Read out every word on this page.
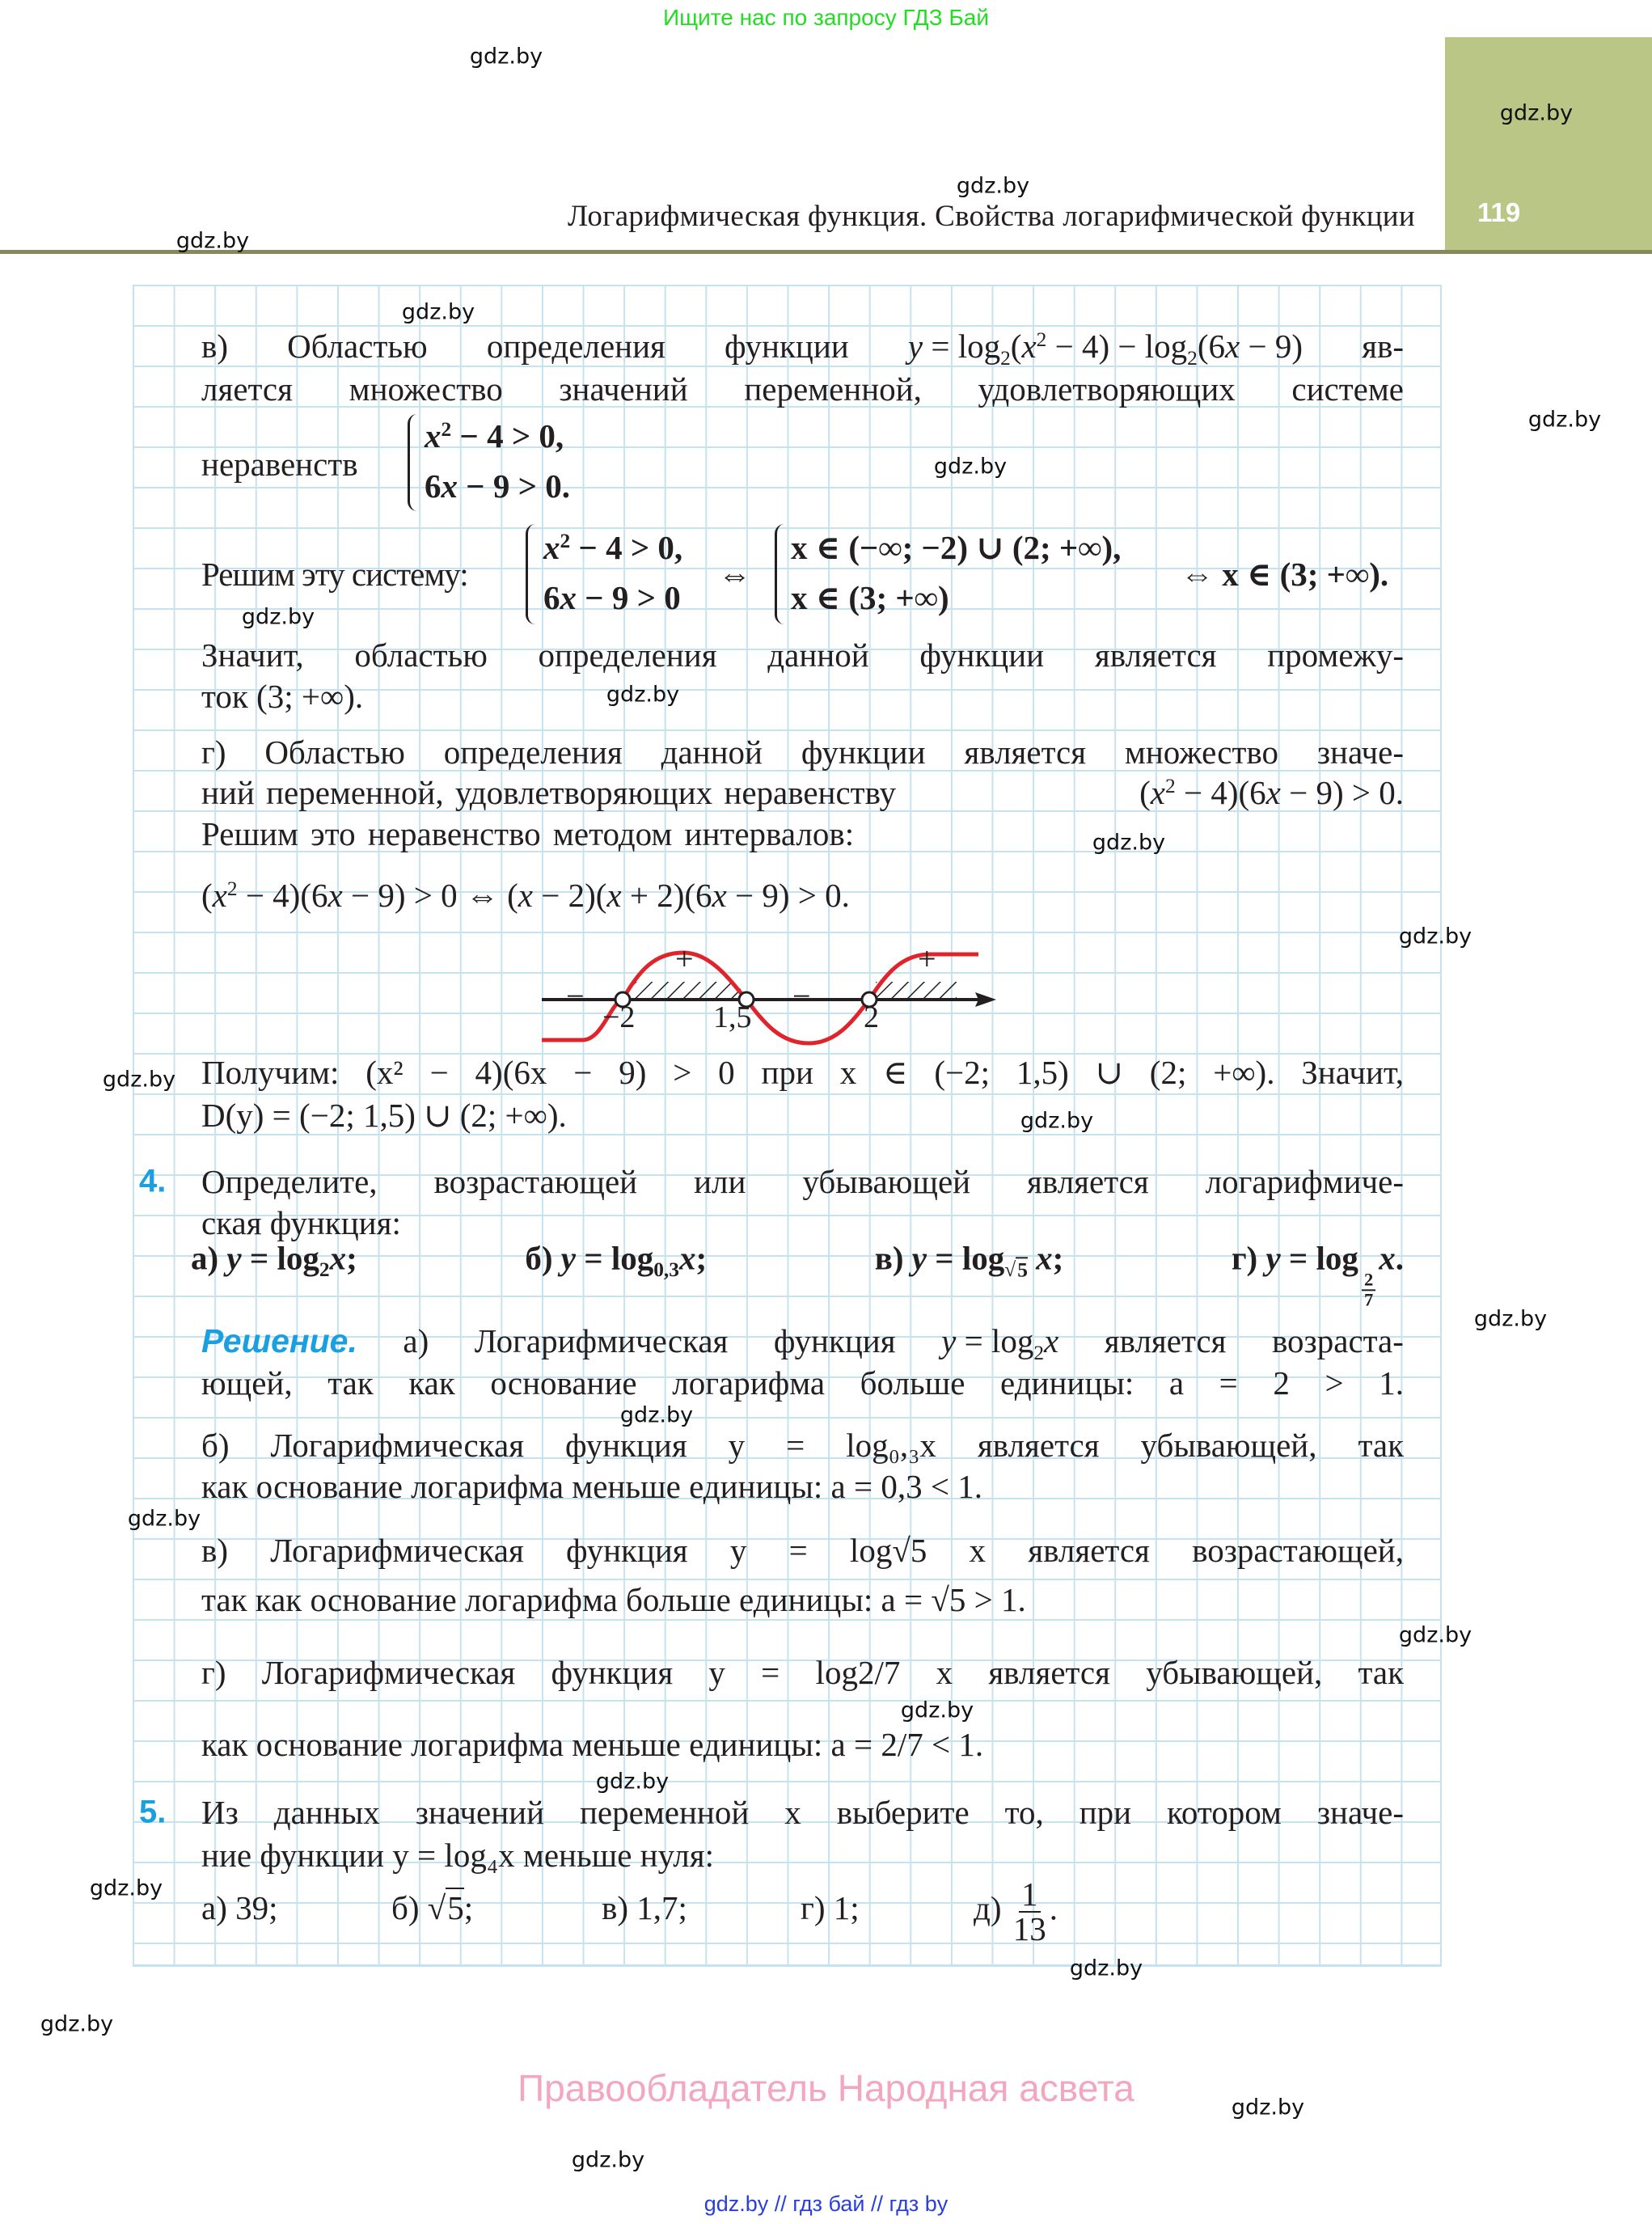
Ищите нас по запросу ГДЗ Бай
119
Логарифмическая функция. Свойства логарифмической функции
в) Областью определения функции $y = \log_2(x^2 - 4) - \log_2(6x - 9)$ яв-
ляется множество значений переменной, удовлетворяющих системе
неравенств
$x^2 - 4 > 0$,
6x − 9 > 0.
Решим эту систему:
$x^2 - 4 > 0$,
6x − 9 > 0
⇔
x ∈ (−∞; −2) ∪ (2; +∞),
x ∈ (3; +∞)
⇔ x ∈ (3; +∞).
Значит, областью определения данной функции является промежу-
ток (3; +∞).
г) Областью определения данной функции является множество значе-
ний переменной, удовлетворяющих неравенству	$(x^2 - 4)(6x - 9) > 0$.
Решим это неравенство методом интервалов:
$(x^2 - 4)(6x - 9) > 0$ ⇔ (x − 2)(x + 2)(6x − 9) > 0.
−
+
−
+
−2	1,5	2
Получим: (x² − 4)(6x − 9) > 0 при x ∈ (−2; 1,5) ∪ (2; +∞). Значит,
D(y) = (−2; 1,5) ∪ (2; +∞).
4. Определите, возрастающей или убывающей является логарифмиче-
ская функция:
а) $y = \log_2x$;	б) $y = \log_{0,3}x$;	в) $y = \log_{√5} x$;	г) y = log
$\frac{2}{7}$
x.
Решение. а) Логарифмическая функция $y = \log_2x$ является возраста-
ющей, так как основание логарифма больше единицы: a = 2 > 1.
б) Логарифмическая функция y = log₀,₃x является убывающей, так
как основание логарифма меньше единицы: a = 0,3 < 1.
в) Логарифмическая функция y = log√5 x является возрастающей,
так как основание логарифма больше единицы: a = √5 > 1.
г) Логарифмическая функция y = log2/7 x является убывающей, так
как основание логарифма меньше единицы: a = 2/7 < 1.
5. Из данных значений переменной x выберите то, при котором значе-
ние функции y = log₄x меньше нуля:
а) 39;	б) √5;	в) 1,7;	г) 1;	$д) \frac{1}{13}$ .
gdz.by
gdz.by
gdz.by
gdz.by
gdz.by
gdz.by
gdz.by
gdz.by
gdz.by
gdz.by
gdz.by
gdz.by
gdz.by
gdz.by
gdz.by
gdz.by
gdz.by
gdz.by
gdz.by
gdz.by
gdz.by
gdz.by
gdz.by
gdz.by
Правообладатель Народная асвета
gdz.by // гдз бай // гдз by
